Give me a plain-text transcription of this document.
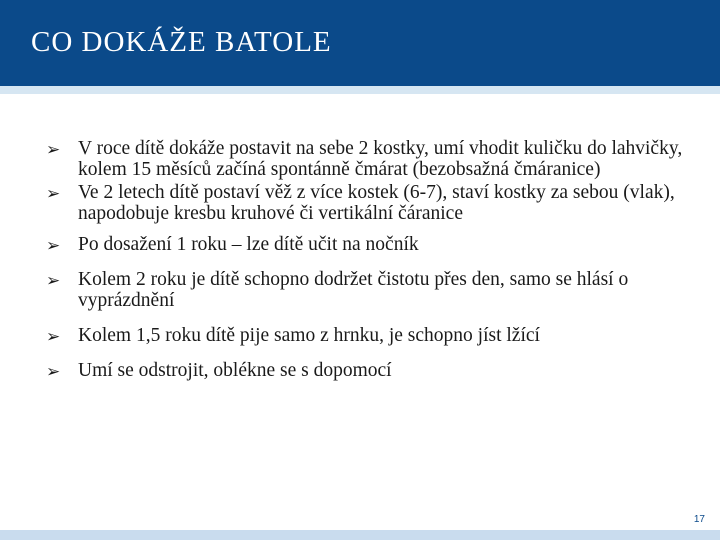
CO DOKÁŽE BATOLE
➢ V roce dítě dokáže postavit na sebe 2 kostky, umí vhodit kuličku do lahvičky, kolem 15 měsíců začíná spontánně čmárat (bezobsažná čmáranice)
➢ Ve 2 letech dítě postaví věž z více kostek (6-7), staví kostky za sebou (vlak), napodobuje kresbu kruhové či vertikální čáranice
➢ Po dosažení 1 roku – lze dítě učit na nočník
➢ Kolem 2 roku je dítě schopno dodržet čistotu přes den, samo se hlásí o vyprázdnění
➢ Kolem 1,5 roku dítě pije samo z hrnku, je schopno jíst lžící
➢ Umí se odstrojit, oblékne se s dopomocí
17
